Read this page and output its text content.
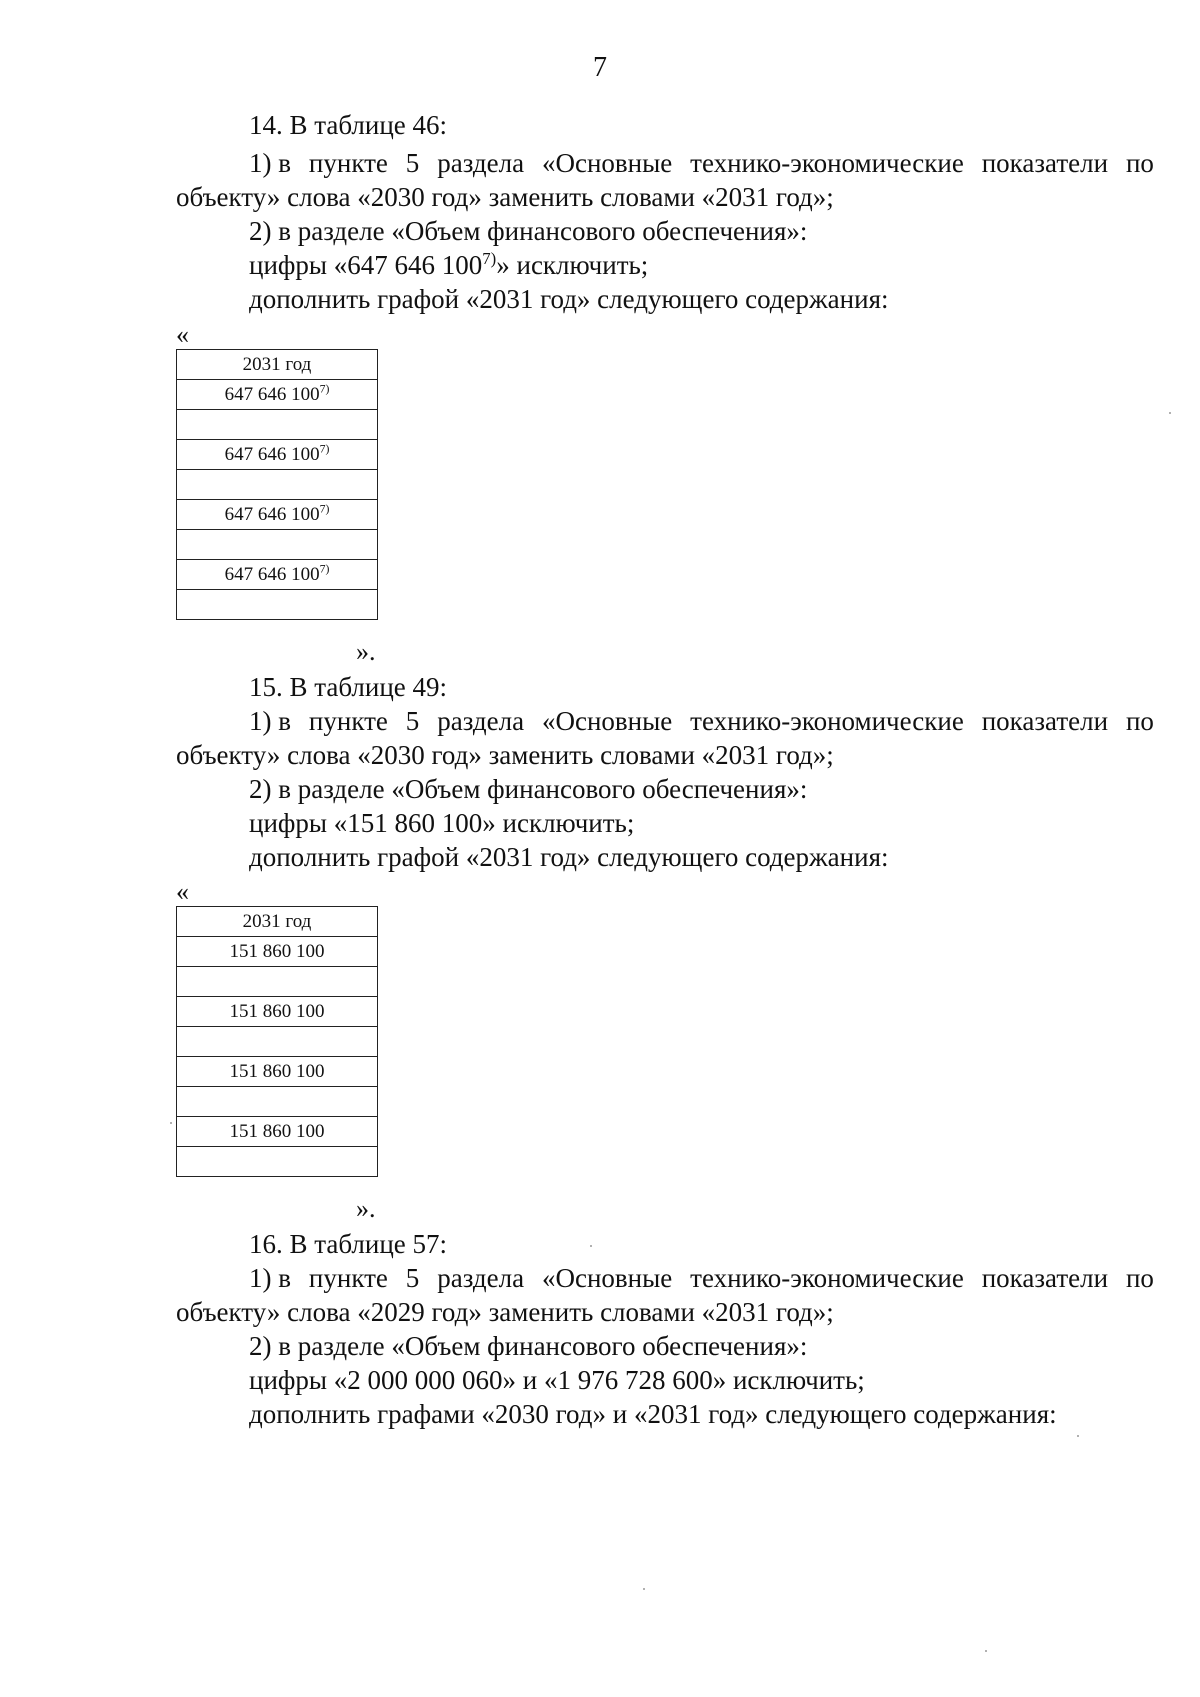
7
14. В таблице 46:
1) в пункте 5 раздела «Основные технико-экономические показатели по
объекту» слова «2030 год» заменить словами «2031 год»;
2) в разделе «Объем финансового обеспечения»:
цифры «647 646 100$^{7)}$» исключить;
дополнить графой «2031 год» следующего содержания:
«
2031 год
647 646 100$^{7)}$

647 646 100$^{7)}$

647 646 100$^{7)}$

647 646 100$^{7)}$

».
15. В таблице 49:
1) в пункте 5 раздела «Основные технико-экономические показатели по
объекту» слова «2030 год» заменить словами «2031 год»;
2) в разделе «Объем финансового обеспечения»:
цифры «151 860 100» исключить;
дополнить графой «2031 год» следующего содержания:
«
2031 год
151 860 100

151 860 100

151 860 100

151 860 100

».
16. В таблице 57:
1) в пункте 5 раздела «Основные технико-экономические показатели по
объекту» слова «2029 год» заменить словами «2031 год»;
2) в разделе «Объем финансового обеспечения»:
цифры «2 000 000 060» и «1 976 728 600» исключить;
дополнить графами «2030 год» и «2031 год» следующего содержания:
